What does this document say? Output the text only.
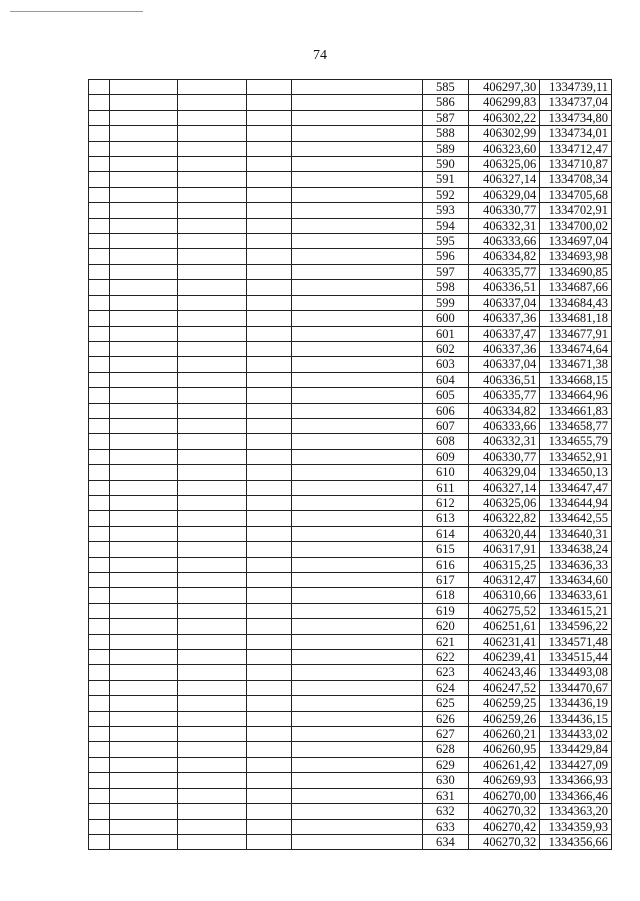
74
					585	406297,30	1334739,11
					586	406299,83	1334737,04
					587	406302,22	1334734,80
					588	406302,99	1334734,01
					589	406323,60	1334712,47
					590	406325,06	1334710,87
					591	406327,14	1334708,34
					592	406329,04	1334705,68
					593	406330,77	1334702,91
					594	406332,31	1334700,02
					595	406333,66	1334697,04
					596	406334,82	1334693,98
					597	406335,77	1334690,85
					598	406336,51	1334687,66
					599	406337,04	1334684,43
					600	406337,36	1334681,18
					601	406337,47	1334677,91
					602	406337,36	1334674,64
					603	406337,04	1334671,38
					604	406336,51	1334668,15
					605	406335,77	1334664,96
					606	406334,82	1334661,83
					607	406333,66	1334658,77
					608	406332,31	1334655,79
					609	406330,77	1334652,91
					610	406329,04	1334650,13
					611	406327,14	1334647,47
					612	406325,06	1334644,94
					613	406322,82	1334642,55
					614	406320,44	1334640,31
					615	406317,91	1334638,24
					616	406315,25	1334636,33
					617	406312,47	1334634,60
					618	406310,66	1334633,61
					619	406275,52	1334615,21
					620	406251,61	1334596,22
					621	406231,41	1334571,48
					622	406239,41	1334515,44
					623	406243,46	1334493,08
					624	406247,52	1334470,67
					625	406259,25	1334436,19
					626	406259,26	1334436,15
					627	406260,21	1334433,02
					628	406260,95	1334429,84
					629	406261,42	1334427,09
					630	406269,93	1334366,93
					631	406270,00	1334366,46
					632	406270,32	1334363,20
					633	406270,42	1334359,93
					634	406270,32	1334356,66
